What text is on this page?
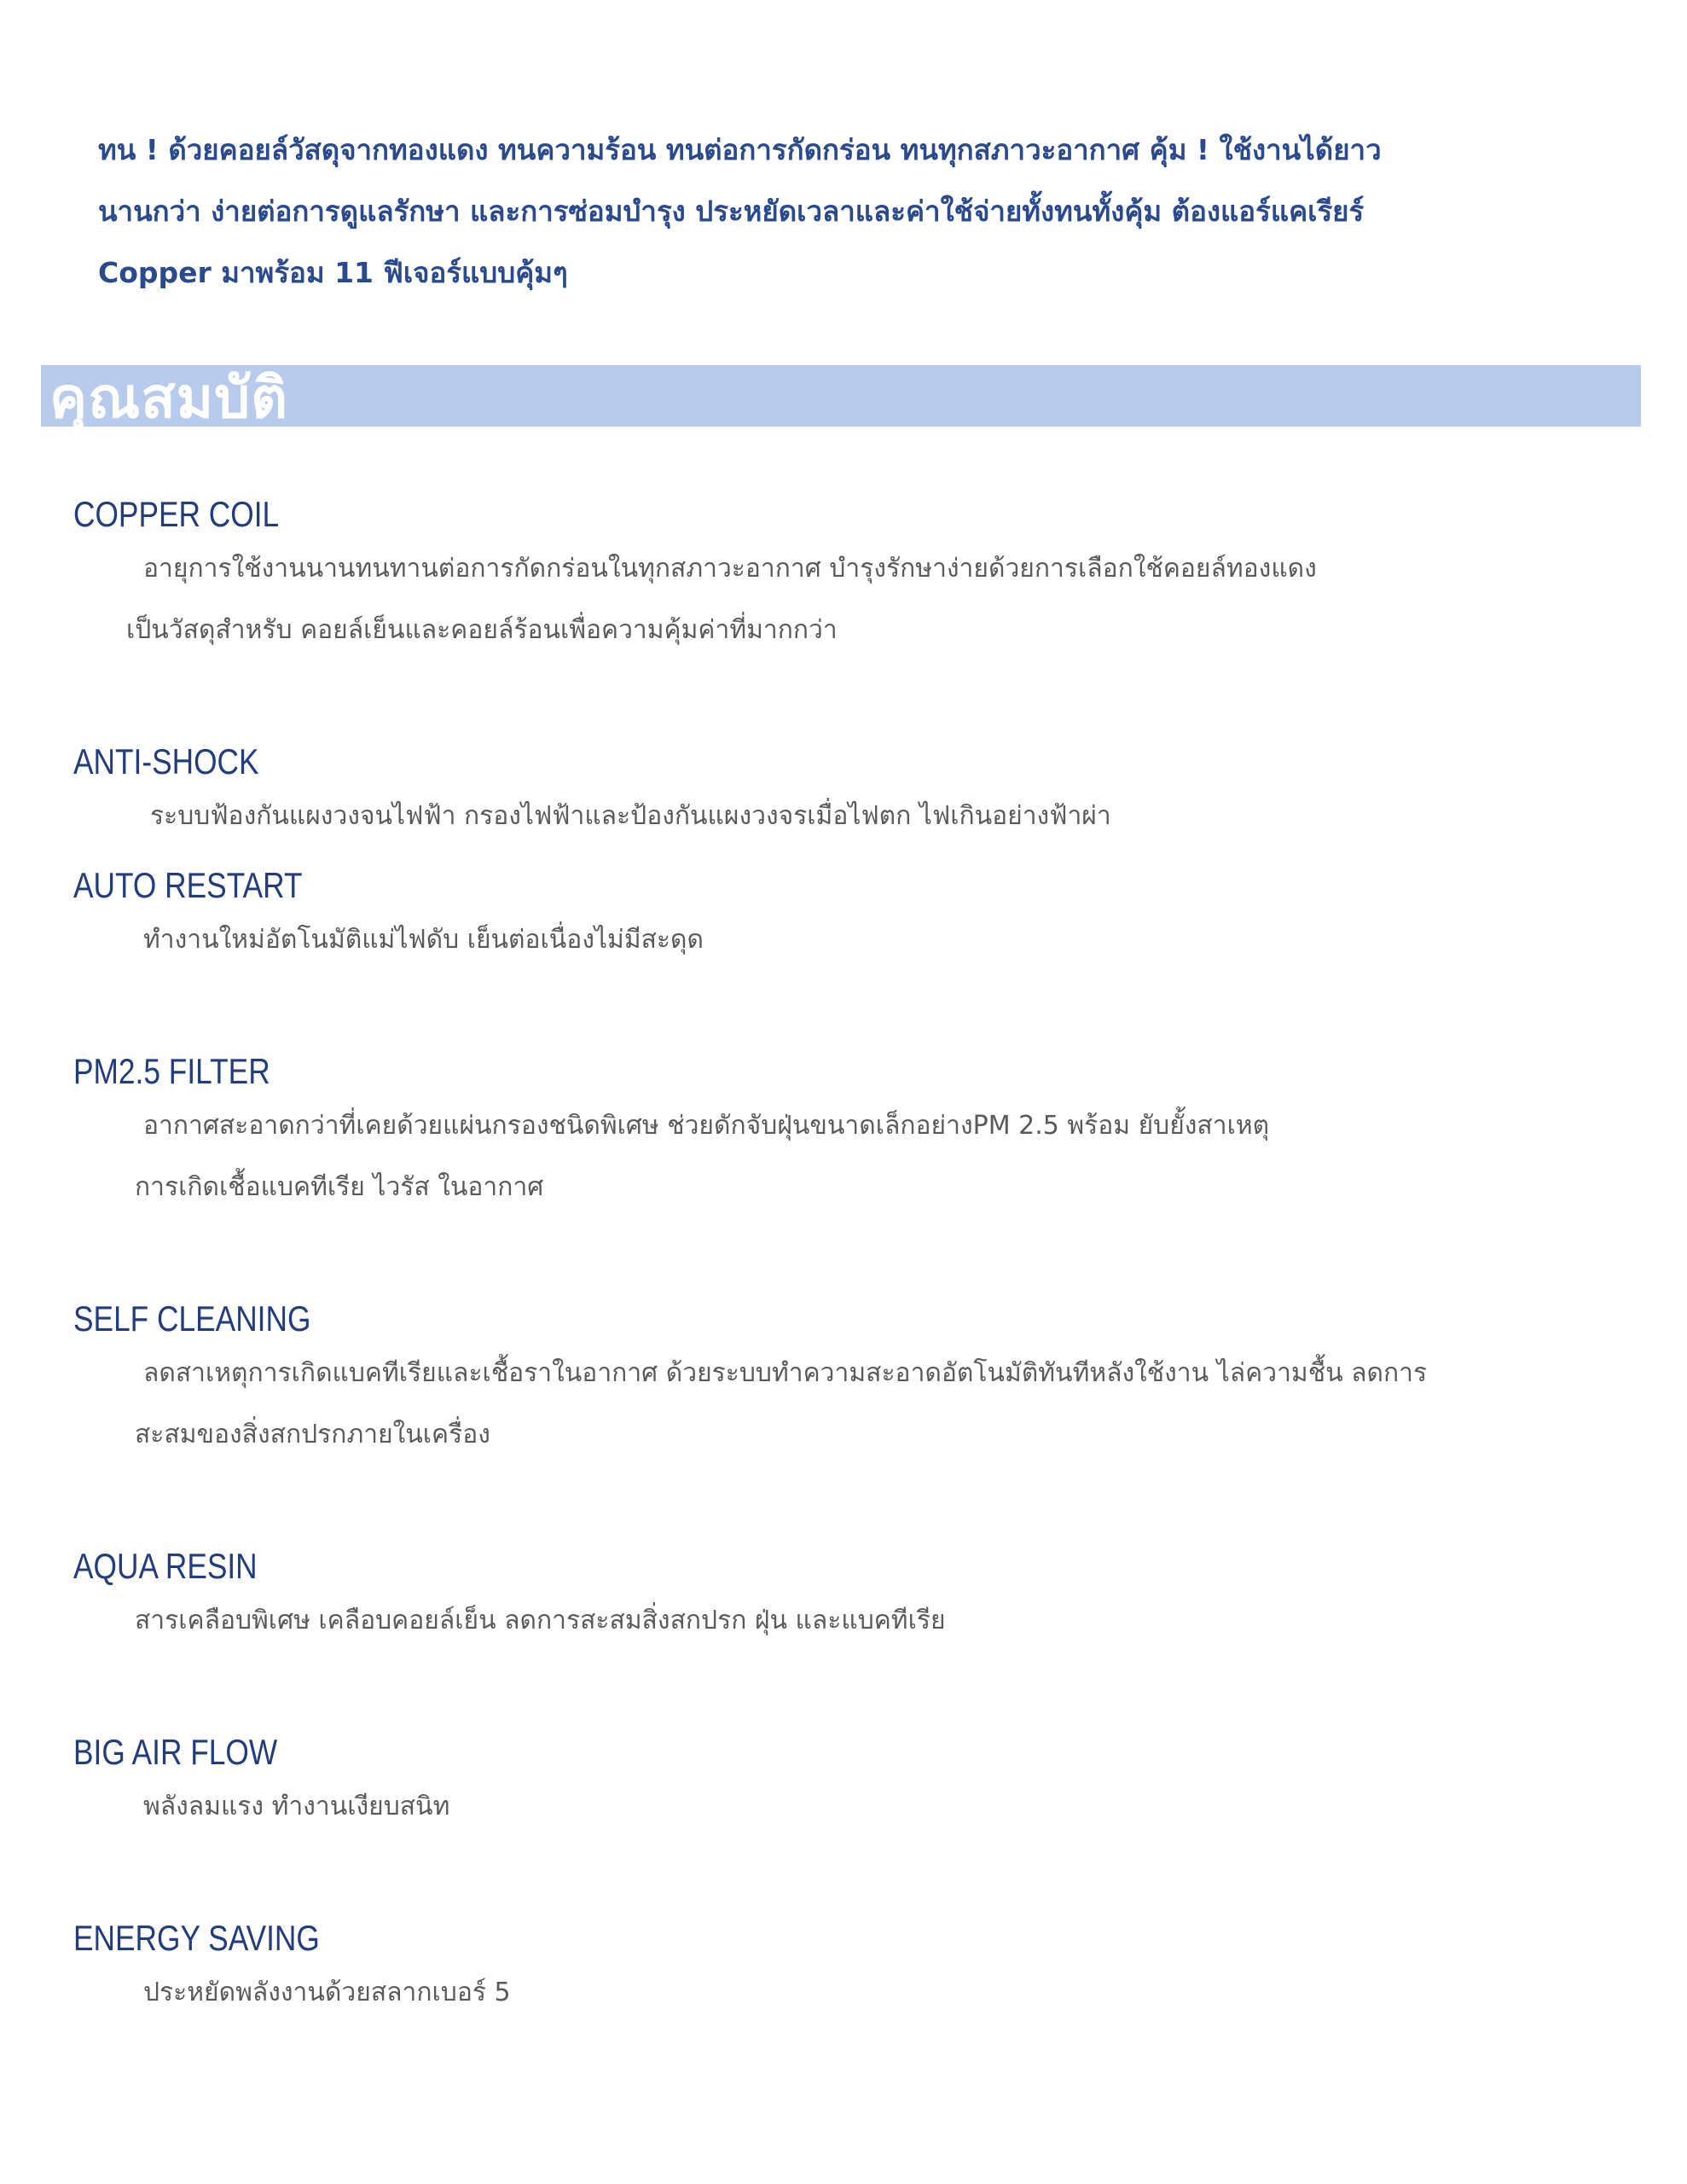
ทน ! ด้วยคอยล์วัสดุจากทองแดง ทนความร้อน ทนต่อการกัดกร่อน ทนทุกสภาวะอากาศ คุ้ม ! ใช้งานได้ยาว

นานกว่า ง่ายต่อการดูแลรักษา และการซ่อมบำรุง ประหยัดเวลาและค่าใช้จ่ายทั้งทนทั้งคุ้ม ต้องแอร์แคเรียร์

Copper มาพร้อม 11 ฟีเจอร์แบบคุ้มๆ

คุณสมบัติ
COPPER COIL

อายุการใช้งานนานทนทานต่อการกัดกร่อนในทุกสภาวะอากาศ บำรุงรักษาง่ายด้วยการเลือกใช้คอยล์ทองแดง

เป็นวัสดุสำหรับ คอยล์เย็นและคอยล์ร้อนเพื่อความคุ้มค่าที่มากกว่า

ANTI-SHOCK

ระบบฟ้องกันแผงวงจนไฟฟ้า กรองไฟฟ้าและป้องกันแผงวงจรเมื่อไฟตก ไฟเกินอย่างฟ้าผ่า

AUTO RESTART

ทำงานใหม่อัตโนมัติแม่ไฟดับ เย็นต่อเนื่องไม่มีสะดุด

PM2.5 FILTER

อากาศสะอาดกว่าที่เคยด้วยแผ่นกรองชนิดพิเศษ ช่วยดักจับฝุ่นขนาดเล็กอย่างPM 2.5 พร้อม ยับยั้งสาเหตุ

การเกิดเชื้อแบคทีเรีย ไวรัส ในอากาศ

SELF CLEANING

ลดสาเหตุการเกิดแบคทีเรียและเชื้อราในอากาศ ด้วยระบบทำความสะอาดอัตโนมัติทันทีหลังใช้งาน ไล่ความชื้น ลดการ

สะสมของสิ่งสกปรกภายในเครื่อง

AQUA RESIN

สารเคลือบพิเศษ เคลือบคอยล์เย็น ลดการสะสมสิ่งสกปรก ฝุ่น และแบคทีเรีย

BIG AIR FLOW

พลังลมแรง ทำงานเงียบสนิท

ENERGY SAVING

ประหยัดพลังงานด้วยสลากเบอร์ 5
